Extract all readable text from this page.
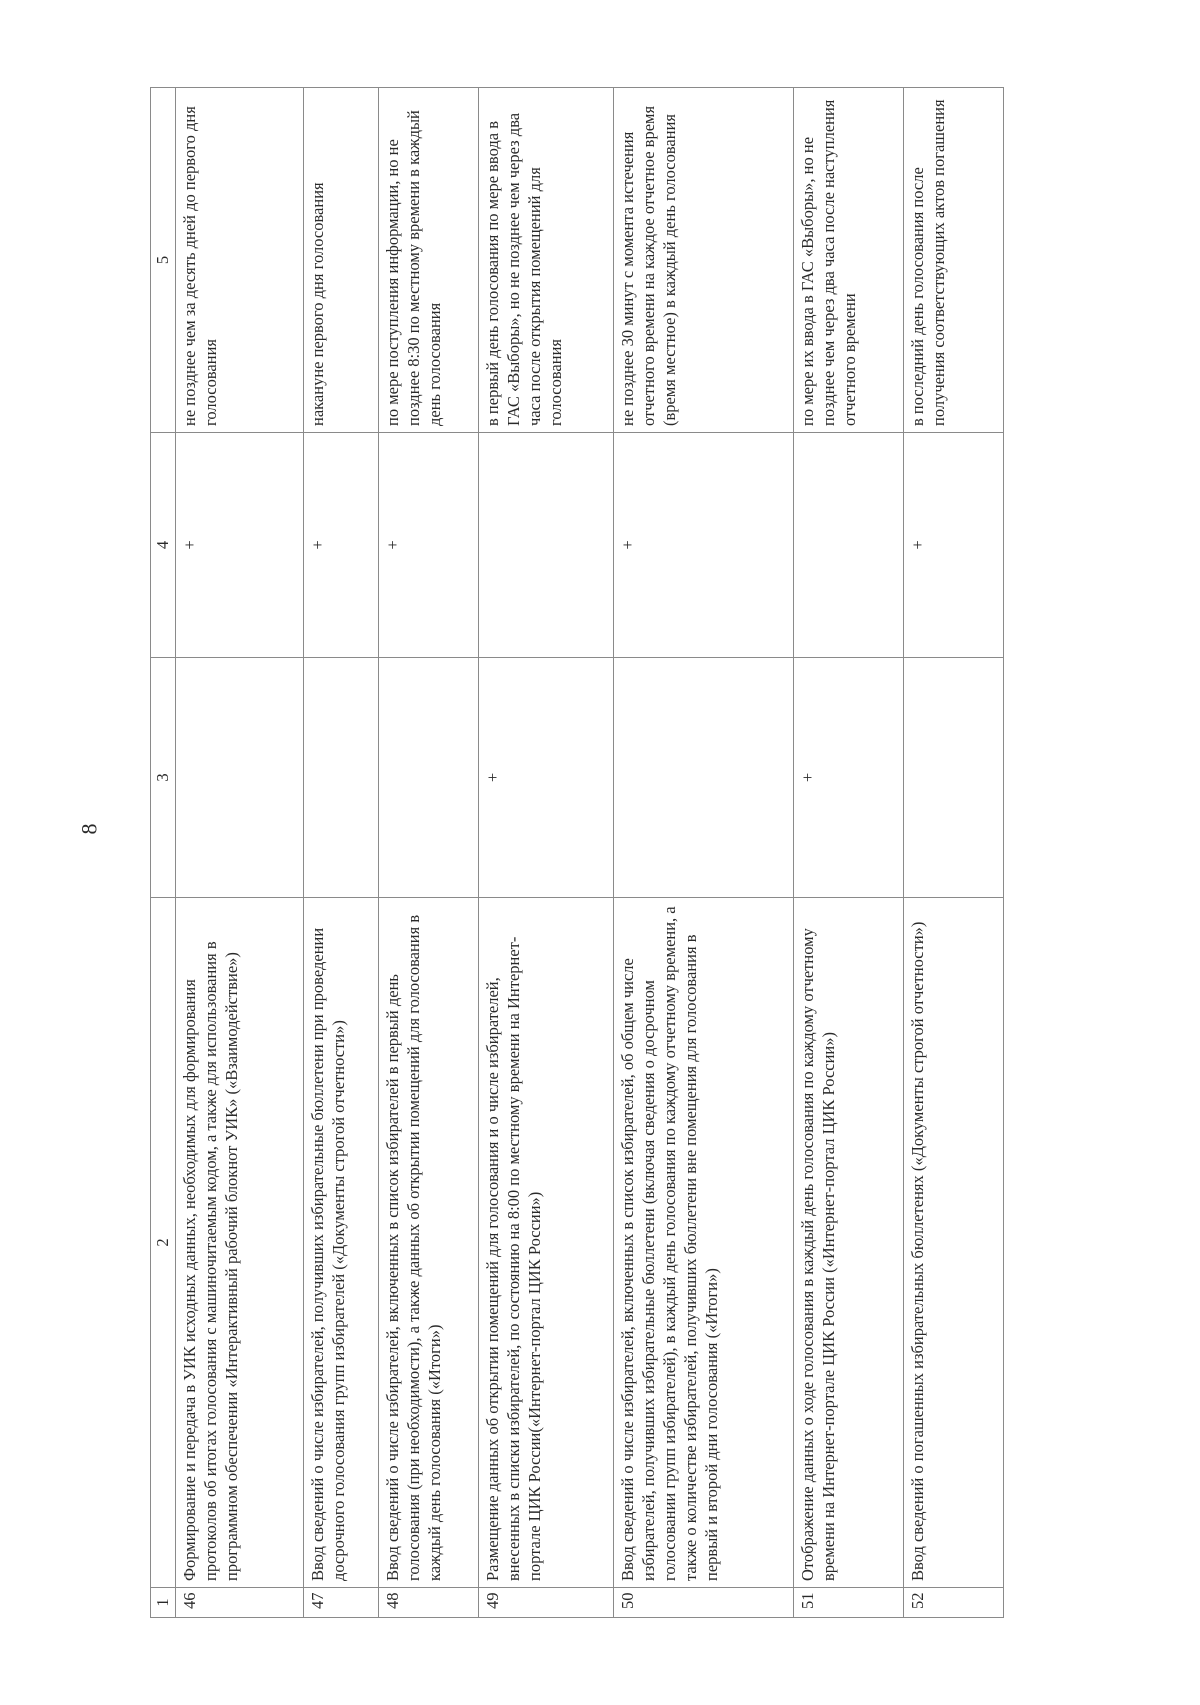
8
1	2	3	4	5
46	Формирование и передача в УИК исходных данных, необходимых для формирования протоколов об итогах голосования с машиночитаемым кодом, а также для использования в программном обеспечении «Интерактивный рабочий блокнот УИК» («Взаимодействие»)		+	не позднее чем за десять дней до первого дня голосования
47	Ввод сведений о числе избирателей, получивших избирательные бюллетени при проведении досрочного голосования групп избирателей («Документы строгой отчетности»)		+	накануне первого дня голосования
48	Ввод сведений о числе избирателей, включенных в список избирателей в первый день голосования (при необходимости), а также данных об открытии помещений для голосования в каждый день голосования («Итоги»)		+	по мере поступления информации, но не позднее 8:30 по местному времени в каждый день голосования
49	Размещение данных об открытии помещений для голосования и о числе избирателей, внесенных в списки избирателей, по состоянию на 8:00 по местному времени на Интернет-портале ЦИК России(«Интернет-портал ЦИК России»)	+		в первый день голосования по мере ввода в ГАС «Выборы», но не позднее чем через два часа после открытия помещений для голосования
50	Ввод сведений о числе избирателей, включенных в список избирателей, об общем числе избирателей, получивших избирательные бюллетени (включая сведения о досрочном голосовании групп избирателей), в каждый день голосования по каждому отчетному времени, а также о количестве избирателей, получивших бюллетени вне помещения для голосования в первый и второй дни голосования («Итоги»)		+	не позднее 30 минут с момента истечения отчетного времени на каждое отчетное время (время местное) в каждый день голосования
51	Отображение данных о ходе голосования в каждый день голосования по каждому отчетному времени на Интернет-портале ЦИК России («Интернет-портал ЦИК России»)	+		по мере их ввода в ГАС «Выборы», но не позднее чем через два часа после наступления отчетного времени
52	Ввод сведений о погашенных избирательных бюллетенях («Документы строгой отчетности»)		+	в последний день голосования после получения соответствующих актов погашения
